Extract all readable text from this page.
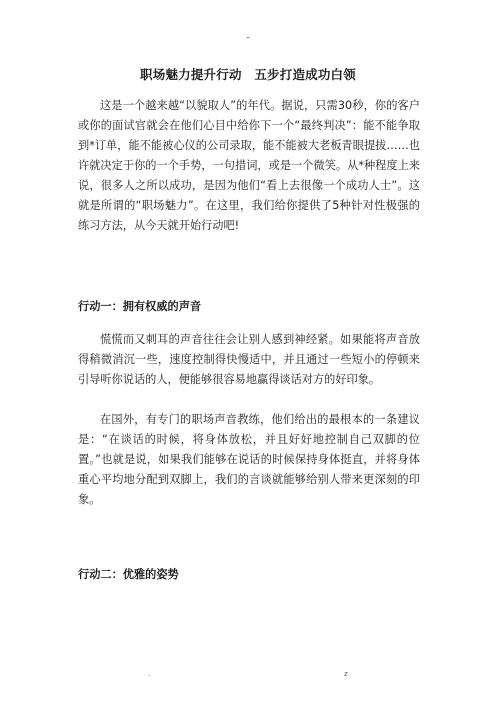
-
职场魅力提升行动　五步打造成功白领

这是一个越来越“以貌取人”的年代。据说，只需30秒，你的客户或你的面试官就会在他们心目中给你下一个“最终判决”：能不能争取到*订单，能不能被心仪的公司录取，能不能被大老板青眼提拔……也许就决定于你的一个手势，一句措词，或是一个微笑。从*种程度上来说，很多人之所以成功，是因为他们“看上去很像一个成功人士”。这就是所谓的“职场魅力”。在这里，我们给你提供了5种针对性极强的练习方法，从今天就开始行动吧!

行动一：拥有权威的声音

慌慌而又刺耳的声音往往会让别人感到神经紧。如果能将声音放得稍微消沉一些，速度控制得快慢适中，并且通过一些短小的停顿来引导听你说话的人，便能够很容易地赢得谈话对方的好印象。

在国外，有专门的职场声音教练，他们给出的最根本的一条建议是：“在谈话的时候，将身体放松，并且好好地控制自己双脚的位置。”也就是说，如果我们能够在说话的时候保持身体挺直，并将身体重心平均地分配到双脚上，我们的言谈就能够给别人带来更深刻的印象。

行动二：优雅的姿势
.	z
